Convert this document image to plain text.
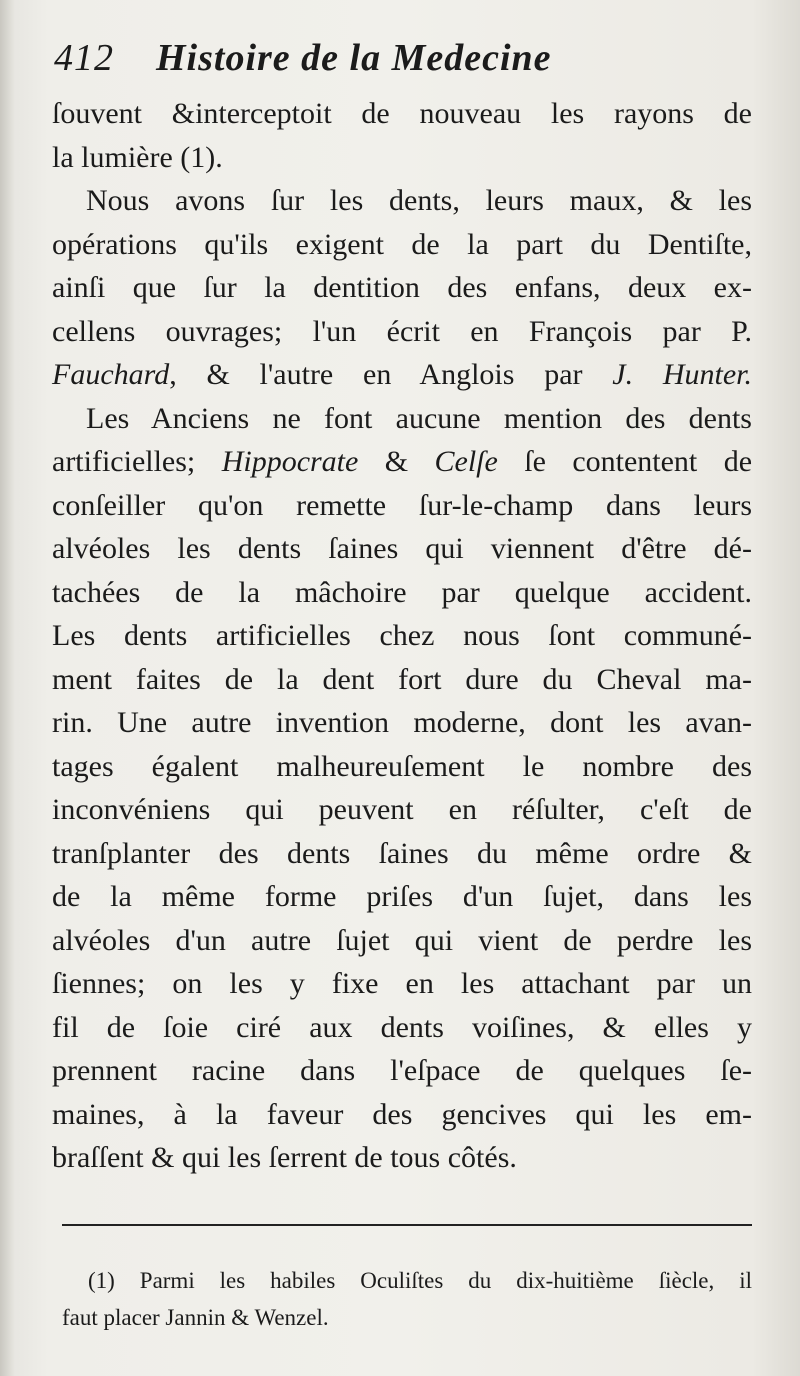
412 Histoire de la Medecine
ſouvent &interceptoit de nouveau les rayons de
la lumière (1).
Nous avons ſur les dents, leurs maux, & les
opérations qu'ils exigent de la part du Dentiſte,
ainſi que ſur la dentition des enfans, deux ex-
cellens ouvrages; l'un écrit en François par P.
Fauchard, & l'autre en Anglois par J. Hunter.
Les Anciens ne font aucune mention des dents
artificielles; Hippocrate & Celſe ſe contentent de
conſeiller qu'on remette ſur-le-champ dans leurs
alvéoles les dents ſaines qui viennent d'être dé-
tachées de la mâchoire par quelque accident.
Les dents artificielles chez nous ſont communé-
ment faites de la dent fort dure du Cheval ma-
rin. Une autre invention moderne, dont les avan-
tages égalent malheureuſement le nombre des
inconvéniens qui peuvent en réſulter, c'eſt de
tranſplanter des dents ſaines du même ordre &
de la même forme priſes d'un ſujet, dans les
alvéoles d'un autre ſujet qui vient de perdre les
ſiennes; on les y fixe en les attachant par un
fil de ſoie ciré aux dents voiſines, & elles y
prennent racine dans l'eſpace de quelques ſe-
maines, à la faveur des gencives qui les em-
braſſent & qui les ſerrent de tous côtés.
(1) Parmi les habiles Oculiſtes du dix-huitième ſiècle, il
faut placer Jannin & Wenzel.
